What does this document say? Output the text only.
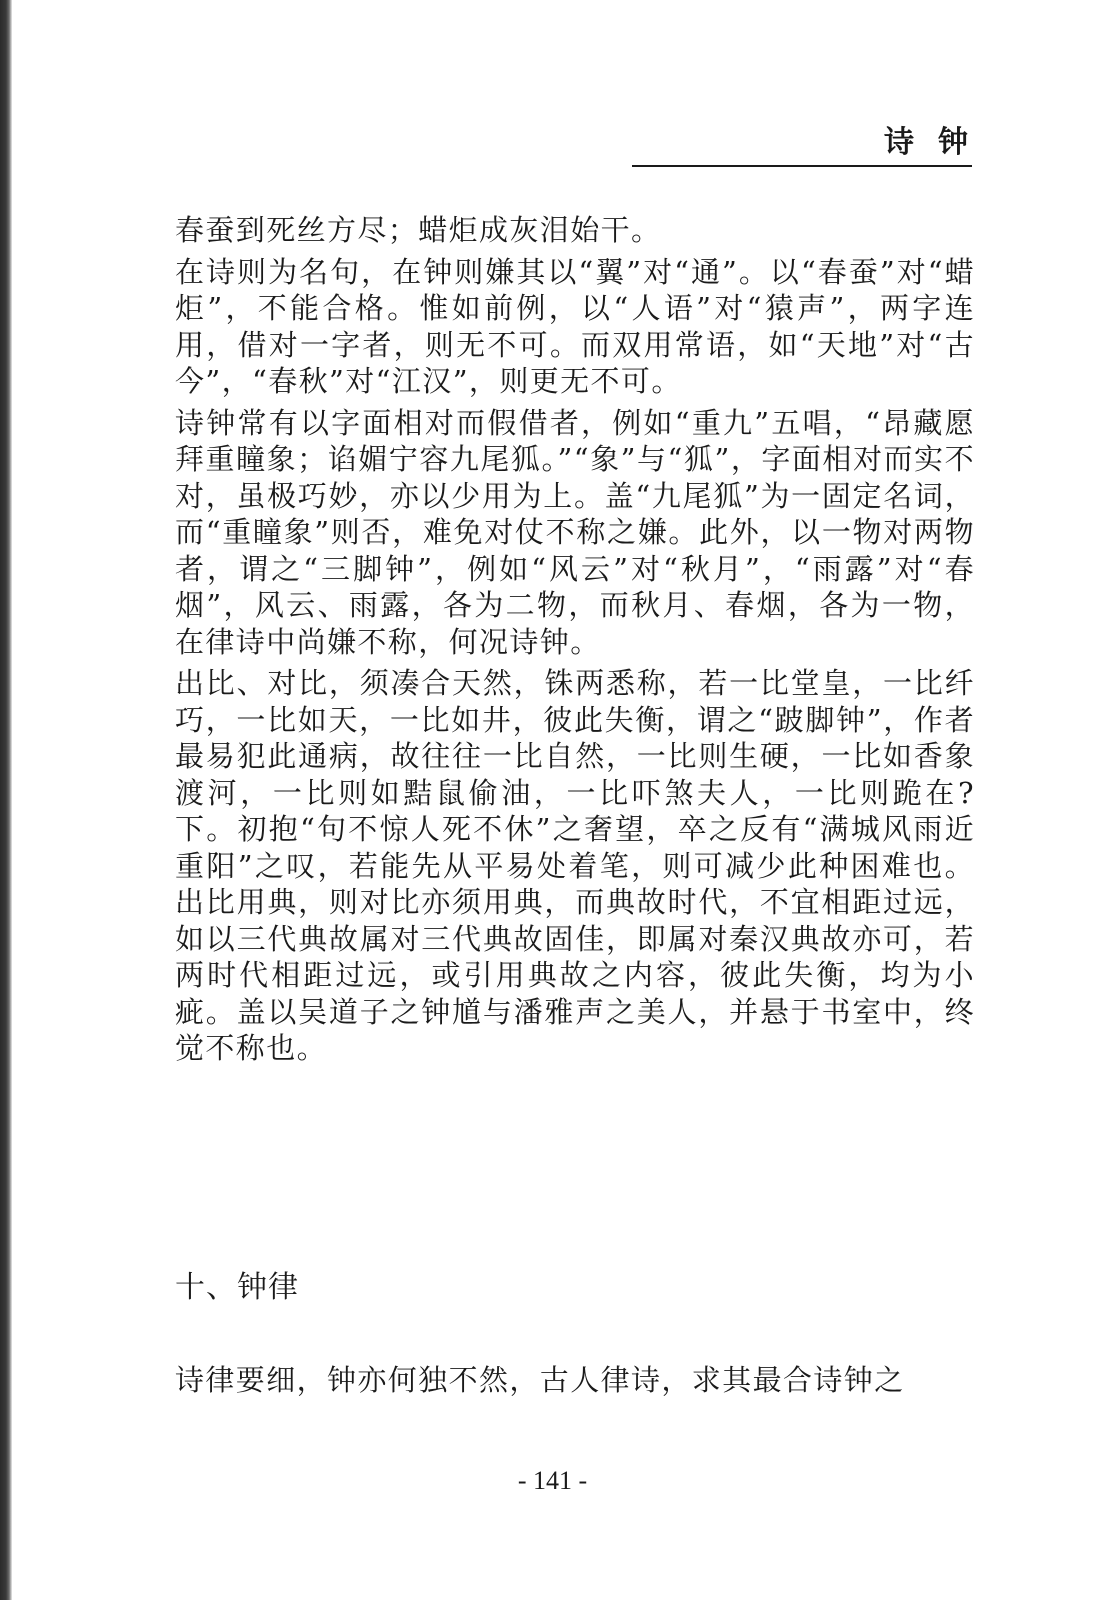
诗钟

春蚕到死丝方尽；蜡炬成灰泪始干。

在诗则为名句，在钟则嫌其以“翼”对“通”。以“春蚕”对“蜡炬”，不能合格。惟如前例，以“人语”对“猿声”，两字连用，借对一字者，则无不可。而双用常语，如“天地”对“古今”，“春秋”对“江汉”，则更无不可。

诗钟常有以字面相对而假借者，例如“重九”五唱，“昂藏愿拜重瞳象；谄媚宁容九尾狐。”“象”与“狐”，字面相对而实不对，虽极巧妙，亦以少用为上。盖“九尾狐”为一固定名词，而“重瞳象”则否，难免对仗不称之嫌。此外，以一物对两物者，谓之“三脚钟”，例如“风云”对“秋月”，“雨露”对“春烟”，风云、雨露，各为二物，而秋月、春烟，各为一物，在律诗中尚嫌不称，何况诗钟。

出比、对比，须凑合天然，铢两悉称，若一比堂皇，一比纤巧，一比如天，一比如井，彼此失衡，谓之“跛脚钟”，作者最易犯此通病，故往往一比自然，一比则生硬，一比如香象渡河，一比则如黠鼠偷油，一比吓煞夫人，一比则跪在?下。初抱“句不惊人死不休”之奢望，卒之反有“满城风雨近重阳”之叹，若能先从平易处着笔，则可减少此种困难也。出比用典，则对比亦须用典，而典故时代，不宜相距过远，如以三代典故属对三代典故固佳，即属对秦汉典故亦可，若两时代相距过远，或引用典故之内容，彼此失衡，均为小疵。盖以吴道子之钟馗与潘雅声之美人，并悬于书室中，终觉不称也。

十、钟律

诗律要细，钟亦何独不然，古人律诗，求其最合诗钟之

- 141 -
